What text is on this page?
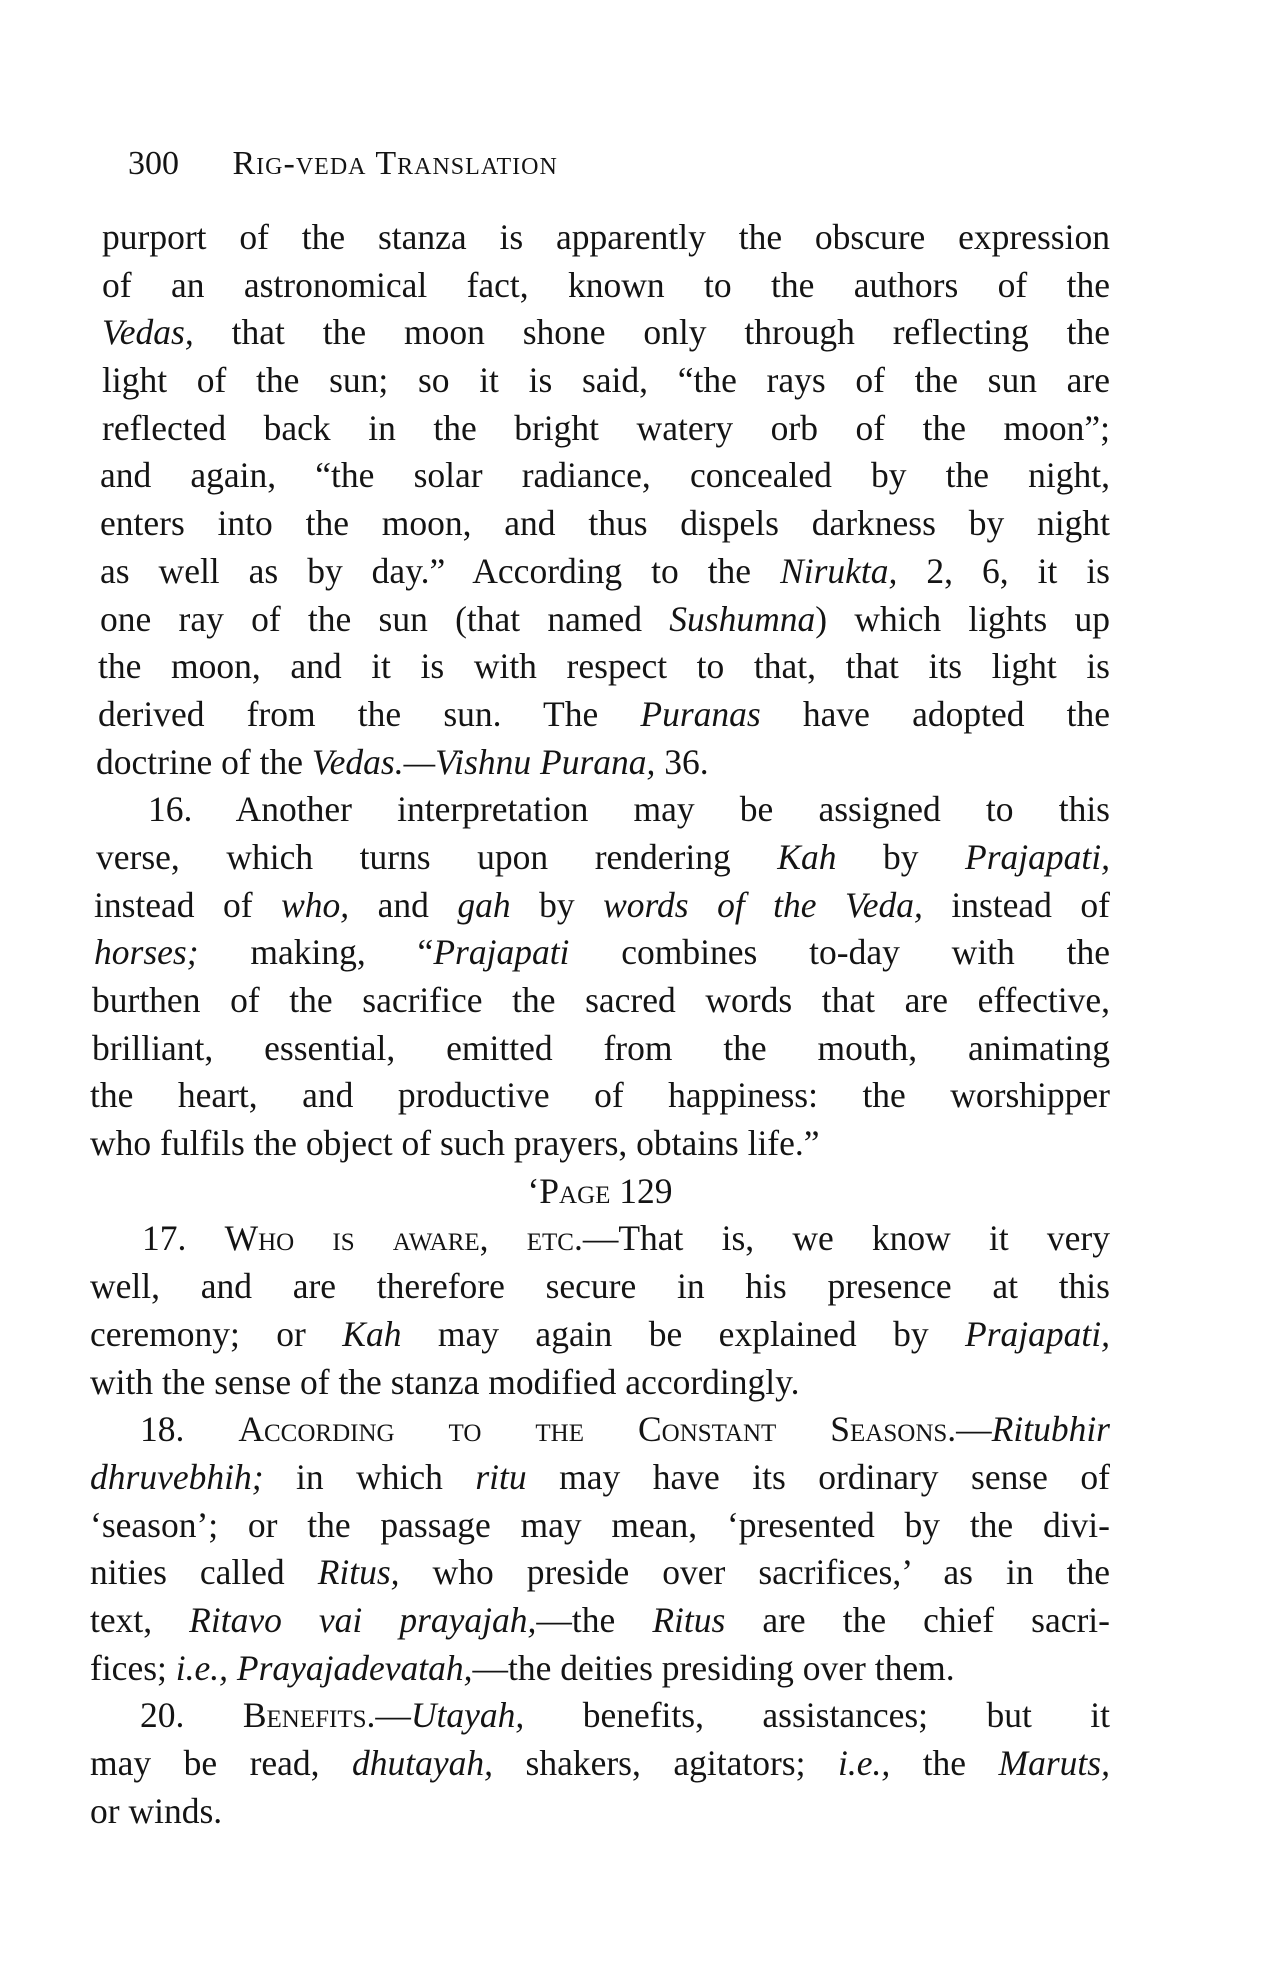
300 Rig-veda Translation
purport of the stanza is apparently the obscure expression
of an astronomical fact, known to the authors of the
Vedas, that the moon shone only through reflecting the
light of the sun; so it is said, “the rays of the sun are
reflected back in the bright watery orb of the moon”;
and again, “the solar radiance, concealed by the night,
enters into the moon, and thus dispels darkness by night
as well as by day.” According to the Nirukta, 2, 6, it is
one ray of the sun (that named Sushumna) which lights up
the moon, and it is with respect to that, that its light is
derived from the sun. The Puranas have adopted the
doctrine of the Vedas.—Vishnu Purana, 36.
16. Another interpretation may be assigned to this
verse, which turns upon rendering Kah by Prajapati,
instead of who, and gah by words of the Veda, instead of
horses; making, “Prajapati combines to-day with the
burthen of the sacrifice the sacred words that are effective,
brilliant, essential, emitted from the mouth, animating
the heart, and productive of happiness: the worshipper
who fulfils the object of such prayers, obtains life.”
‘Page 129
17. Who is aware, etc.—That is, we know it very
well, and are therefore secure in his presence at this
ceremony; or Kah may again be explained by Prajapati,
with the sense of the stanza modified accordingly.
18. According to the Constant Seasons.—Ritubhir
dhruvebhih; in which ritu may have its ordinary sense of
‘season’; or the passage may mean, ‘presented by the divi-
nities called Ritus, who preside over sacrifices,’ as in the
text, Ritavo vai prayajah,—the Ritus are the chief sacri-
fices; i.e., Prayajadevatah,—the deities presiding over them.
20. Benefits.—Utayah, benefits, assistances; but it
may be read, dhutayah, shakers, agitators; i.e., the Maruts,
or winds.
